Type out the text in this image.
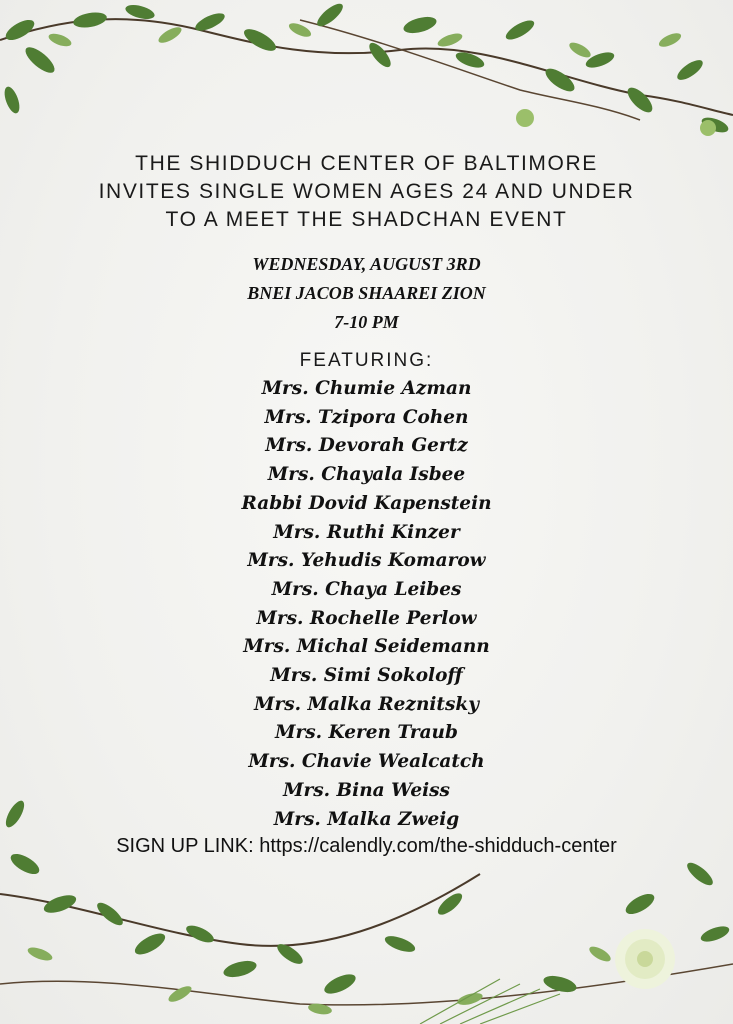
THE SHIDDUCH CENTER OF BALTIMORE
INVITES SINGLE WOMEN AGES 24 AND UNDER
TO A MEET THE SHADCHAN EVENT

WEDNESDAY, AUGUST 3RD
BNEI JACOB SHAAREI ZION
7-10 PM
FEATURING:
Mrs. Chumie Azman
Mrs. Tzipora Cohen
Mrs. Devorah Gertz
Mrs. Chayala Isbee
Rabbi Dovid Kapenstein
Mrs. Ruthi Kinzer
Mrs. Yehudis Komarow
Mrs. Chaya Leibes
Mrs. Rochelle Perlow
Mrs. Michal Seidemann
Mrs. Simi Sokoloff
Mrs. Malka Reznitsky
Mrs. Keren Traub
Mrs. Chavie Wealcatch
Mrs. Bina Weiss
Mrs. Malka Zweig
SIGN UP LINK: https://calendly.com/the-shidduch-center
